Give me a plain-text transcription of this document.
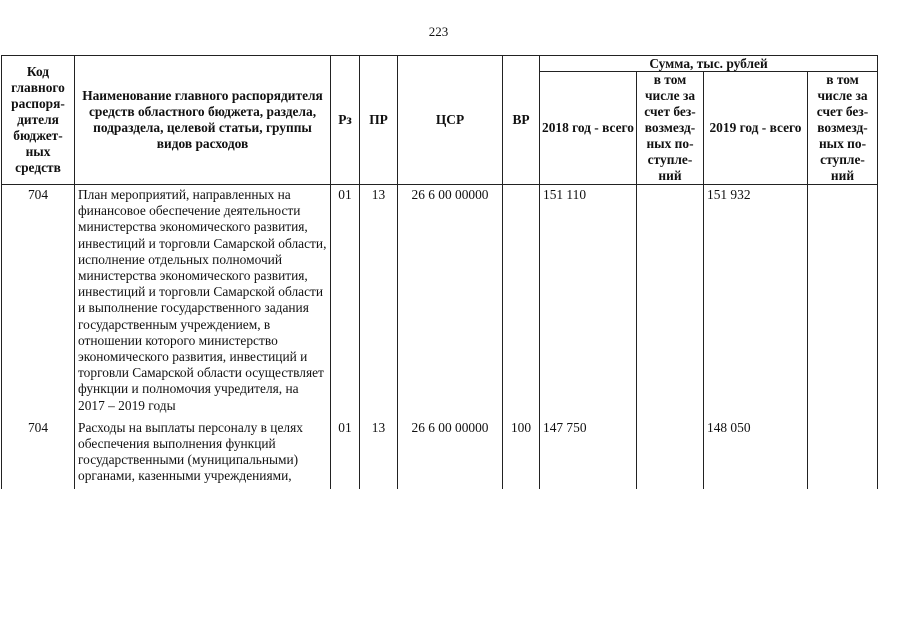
223
Код главного распоря-дителя бюджет-ных средств	Наименование главного распорядителя средств областного бюджета, раздела, подраздела, целевой статьи, группы видов расходов	Рз	ПР	ЦСР	ВР	Сумма, тыс. рублей			
						2018 год - всего	в том числе за счет без-возмезд-ных по-ступле-ний	2019 год - всего	в том числе за счет без-возмезд-ных по-ступле-ний
704	План мероприятий, направленных на финансовое обеспечение деятельности министерства экономического развития, инвестиций и торговли Самарской области, исполнение отдельных полномочий министерства экономического развития, инвестиций и торговли Самарской области и выполнение государственного задания государственным учреждением, в отношении которого министерство экономического развития, инвестиций и торговли Самарской области осуществляет функции и полномочия учредителя, на 2017 – 2019 годы	01	13	26 6 00 00000		151 110		151 932	
704	Расходы на выплаты персоналу в целях обеспечения выполнения функций государственными (муниципальными) органами, казенными учреждениями,	01	13	26 6 00 00000	100	147 750		148 050	
